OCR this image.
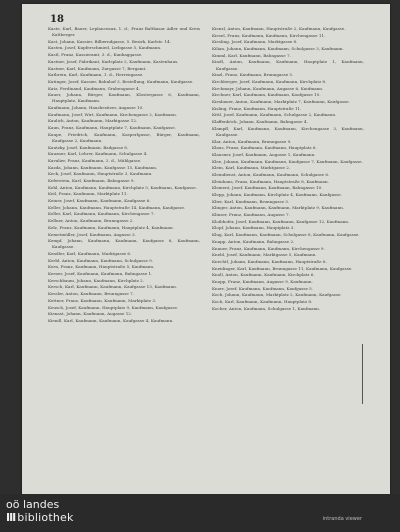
18
Kaste, Karl, Bauer, Leplanceaux, 1. d., Franz Balthasar Adler und Kreis Kaltberger.
Kast, Johann, Kassier, Bilberndgasse, 5. Bezirk, Karlstr. 14.
Kasten, Josef, Kupferschmied, Liebgasse 5, Kaufmann.
Kastl, Franz, Kassieramt, 3. d., Kunhaggasse.
Kastner, Josef, Fabrikant, Karlsplatz 2, Kaufmann, Kastenhaus.
Kastner, Karl, Kaufmann, Zurgasse 7, Bergamt.
Kathrein, Karl, Kaufmann, 1. d., Herrengasse.
Katinger, Josef, Kassier, Bahnhof 3, Bestellung, Kaufmann, Kaufgasse.
Katz, Ferdinand, Kaufmann, Grabengasse 4.
Kauer, Johann, Bürger, Kaufmann, Klostergasse 6, Kaufmann, Hauptplatz, Kaufmann.
Kaufmann, Johann, Hausbesitzer, Augasse 10.
Kaufmann, Josef, Wirt, Kaufmann, Kirchengasse 2, Kaufmann.
Kaulich, Anton, Kaufmann, Marktgasse 12.
Kaun, Franz, Kaufmann, Hauptplatz 7, Kaufmann, Kaufgasse.
Kaupe, Friedrich, Kaufmann, Kasperlgasse, Bürger, Kaufmann, Kaufgasse 2, Kaufmann.
Kautzky, Josef, Kaufmann, Badgasse 8.
Kauzner, Karl, Lehrer, Kaufmann, Schulgasse 4.
Kavalier, Franz, Kaufmann, 2. d., Mühlgasse.
Kazda, Johann, Kaufmann, Kaufgasse 15, Kaufmann.
Keck, Josef, Kaufmann, Hauptstraße 3, Kaufmann.
Keferstein, Karl, Kaufmann, Bahngasse 9.
Kehl, Anton, Kaufmann, Kaufmann, Kirchplatz 5, Kaufmann, Kaufgasse.
Keil, Franz, Kaufmann, Marktplatz 11.
Keiner, Josef, Kaufmann, Kaufmann, Kaufgasse 6.
Keller, Johann, Kaufmann, Hauptstraße 14, Kaufmann, Kaufgasse.
Keller, Karl, Kaufmann, Kaufmann, Kirchengasse 7.
Kellner, Anton, Kaufmann, Brunngasse 2.
Kelz, Franz, Kaufmann, Kaufmann, Hauptplatz 4, Kaufmann.
Kemetmüller, Josef, Kaufmann, Augasse 3.
Kempf, Johann, Kaufmann, Kaufmann, Kaufgasse 8, Kaufmann, Kaufgasse.
Kendler, Karl, Kaufmann, Marktgasse 6.
Kerbl, Anton, Kaufmann, Kaufmann, Schulgasse 9.
Kern, Franz, Kaufmann, Hauptstraße 5, Kaufmann.
Kerner, Josef, Kaufmann, Kaufmann, Bahngasse 1.
Kerschbaum, Johann, Kaufmann, Kirchplatz 2.
Kersch, Karl, Kaufmann, Kaufmann, Kaufgasse 13, Kaufmann.
Kessler, Anton, Kaufmann, Brunngasse 7.
Kettner, Franz, Kaufmann, Kaufmann, Marktplatz 3.
Keusch, Josef, Kaufmann, Hauptplatz 9, Kaufmann, Kaufgasse.
Kienast, Johann, Kaufmann, Augasse 12.
Kiendl, Karl, Kaufmann, Kaufmann, Kaufgasse 4, Kaufmann.
Kienzl, Anton, Kaufmann, Hauptstraße 2, Kaufmann, Kaufgasse.
Kiesel, Franz, Kaufmann, Kaufmann, Kirchengasse 11.
Kiesling, Josef, Kaufmann, Marktgasse 8.
Kilian, Johann, Kaufmann, Kaufmann, Schulgasse 3, Kaufmann.
Kimml, Karl, Kaufmann, Bahngasse 7.
Kindl, Anton, Kaufmann, Kaufmann, Hauptplatz 1, Kaufmann, Kaufgasse.
Kinzl, Franz, Kaufmann, Brunngasse 5.
Kirchberger, Josef, Kaufmann, Kaufmann, Kirchplatz 8.
Kirchmayr, Johann, Kaufmann, Augasse 6, Kaufmann.
Kirchner, Karl, Kaufmann, Kaufmann, Kaufgasse 10.
Kirnbauer, Anton, Kaufmann, Marktplatz 7, Kaufmann, Kaufgasse.
Kisling, Franz, Kaufmann, Hauptstraße 11.
Kittl, Josef, Kaufmann, Kaufmann, Schulgasse 2, Kaufmann.
Klaffenböck, Johann, Kaufmann, Bahngasse 4.
Klampfl, Karl, Kaufmann, Kaufmann, Kirchengasse 3, Kaufmann, Kaufgasse.
Klar, Anton, Kaufmann, Brunngasse 9.
Klaus, Franz, Kaufmann, Kaufmann, Hauptplatz 6.
Klausner, Josef, Kaufmann, Augasse 1, Kaufmann.
Klee, Johann, Kaufmann, Kaufmann, Kaufgasse 7, Kaufmann, Kaufgasse.
Klein, Karl, Kaufmann, Marktgasse 2.
Kleindienst, Anton, Kaufmann, Kaufmann, Schulgasse 6.
Kleinhans, Franz, Kaufmann, Hauptstraße 8, Kaufmann.
Klement, Josef, Kaufmann, Kaufmann, Bahngasse 10.
Klepp, Johann, Kaufmann, Kirchplatz 4, Kaufmann, Kaufgasse.
Klier, Karl, Kaufmann, Brunngasse 3.
Klinger, Anton, Kaufmann, Kaufmann, Marktplatz 9, Kaufmann.
Klinser, Franz, Kaufmann, Augasse 7.
Kloibhofer, Josef, Kaufmann, Kaufmann, Kaufgasse 12, Kaufmann.
Klopf, Johann, Kaufmann, Hauptplatz 3.
Klug, Karl, Kaufmann, Kaufmann, Schulgasse 8, Kaufmann, Kaufgasse.
Knapp, Anton, Kaufmann, Bahngasse 2.
Knauer, Franz, Kaufmann, Kaufmann, Kirchengasse 9.
Knebl, Josef, Kaufmann, Marktgasse 5, Kaufmann.
Knechtl, Johann, Kaufmann, Kaufmann, Hauptstraße 6.
Kneidinger, Karl, Kaufmann, Brunngasse 11, Kaufmann, Kaufgasse.
Knoll, Anton, Kaufmann, Kaufmann, Kirchplatz 6.
Knopp, Franz, Kaufmann, Augasse 9, Kaufmann.
Knorr, Josef, Kaufmann, Kaufmann, Kaufgasse 5.
Koch, Johann, Kaufmann, Marktplatz 2, Kaufmann, Kaufgasse.
Koch, Karl, Kaufmann, Kaufmann, Hauptplatz 8.
Kocher, Anton, Kaufmann, Schulgasse 1, Kaufmann.
oö landes
III bibliothek	intranda viewer
